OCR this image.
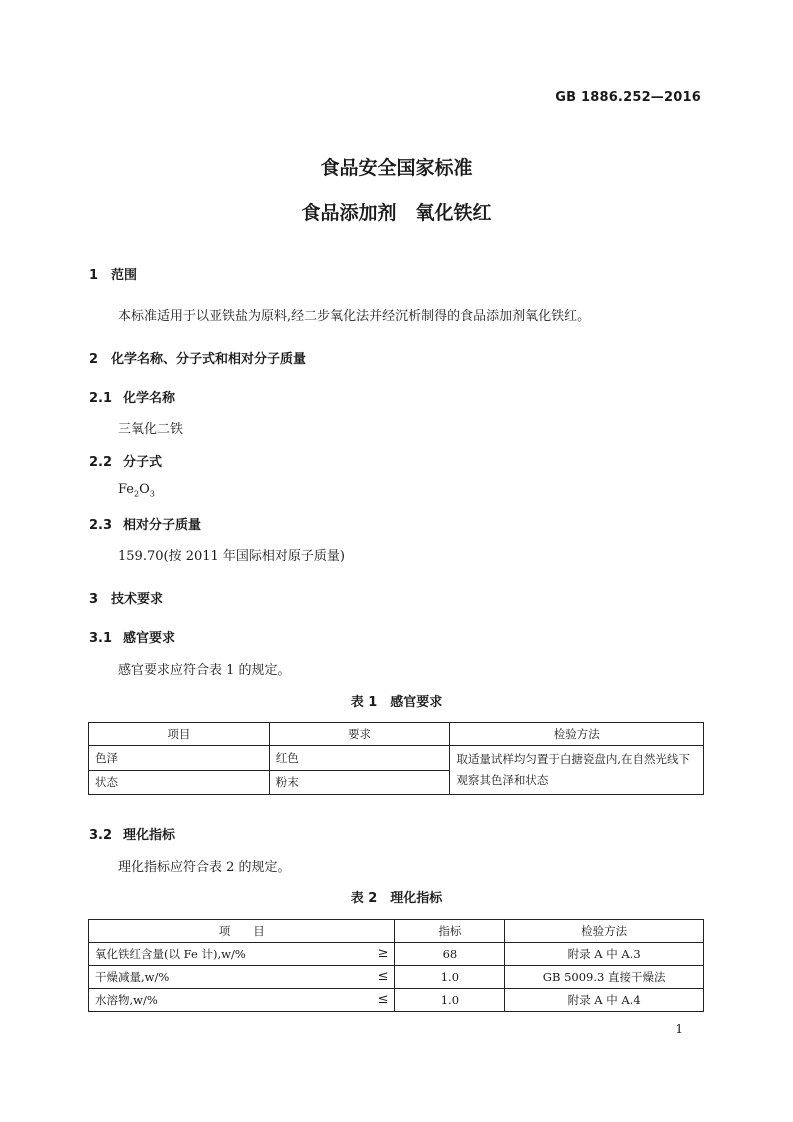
GB 1886.252—2016
食品安全国家标准
食品添加剂　氧化铁红
1 范围
本标准适用于以亚铁盐为原料,经二步氧化法并经沉析制得的食品添加剂氧化铁红。
2 化学名称、分子式和相对分子质量
2.1 化学名称
三氧化二铁
2.2 分子式
$Fe_2O_3$
2.3 相对分子质量
159.70(按 2011 年国际相对原子质量)
3 技术要求
3.1 感官要求
感官要求应符合表 1 的规定。
表 1　感官要求
项目	要求	检验方法
色泽	红色	取适量试样均匀置于白搪瓷盘内,在自然光线下观察其色泽和状态
状态	粉末	
3.2 理化指标
理化指标应符合表 2 的规定。
表 2　理化指标
项　　目	指标	检验方法
氧化铁红含量(以 Fe 计),w/% ≥	68	附录 A 中 A.3
干燥减量,w/% ≤	1.0	GB 5009.3 直接干燥法
水溶物,w/% ≤	1.0	附录 A 中 A.4
1
